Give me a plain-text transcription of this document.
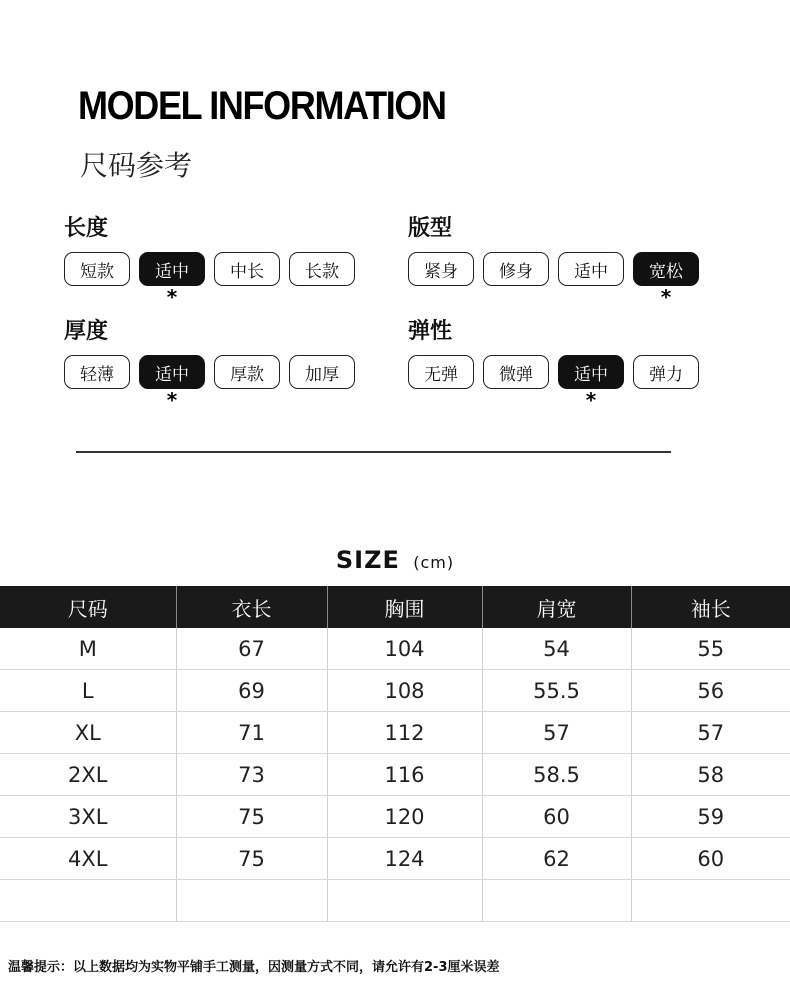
MODEL INFORMATION
尺码参考
长度
短款 适中
*
中长 长款
版型
紧身 修身 适中 宽松
*
厚度
轻薄 适中
*
厚款 加厚
弹性
无弹 微弹 适中
*
弹力
SIZE (cm)
尺码	衣长	胸围	肩宽	袖长
M	67	104	54	55
L	69	108	55.5	56
XL	71	112	57	57
2XL	73	116	58.5	58
3XL	75	120	60	59
4XL	75	124	62	60

温馨提示：以上数据均为实物平铺手工测量，因测量方式不同，请允许有2-3厘米误差
